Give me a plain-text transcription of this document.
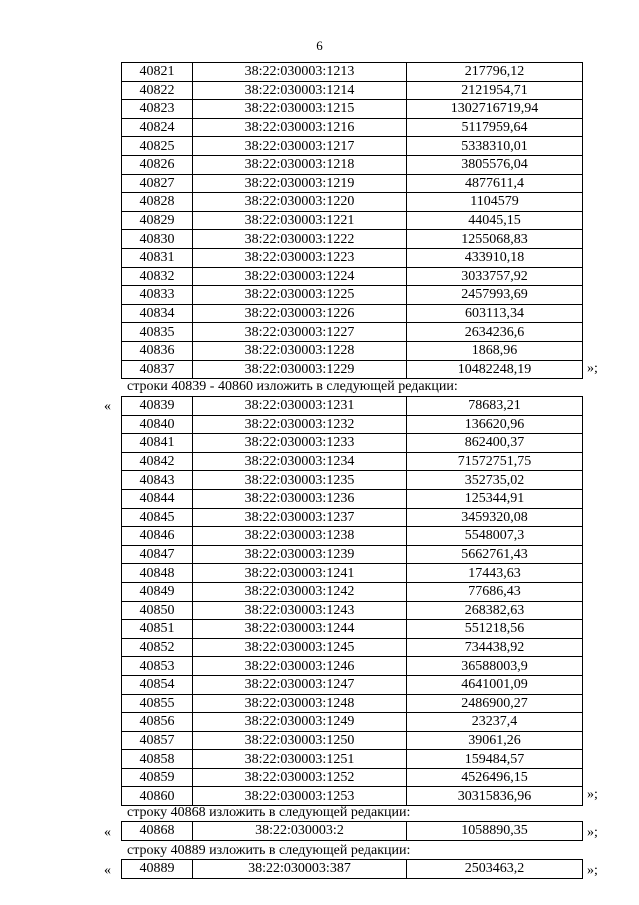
6
40821	38:22:030003:1213	217796,12
40822	38:22:030003:1214	2121954,71
40823	38:22:030003:1215	1302716719,94
40824	38:22:030003:1216	5117959,64
40825	38:22:030003:1217	5338310,01
40826	38:22:030003:1218	3805576,04
40827	38:22:030003:1219	4877611,4
40828	38:22:030003:1220	1104579
40829	38:22:030003:1221	44045,15
40830	38:22:030003:1222	1255068,83
40831	38:22:030003:1223	433910,18
40832	38:22:030003:1224	3033757,92
40833	38:22:030003:1225	2457993,69
40834	38:22:030003:1226	603113,34
40835	38:22:030003:1227	2634236,6
40836	38:22:030003:1228	1868,96
40837	38:22:030003:1229	10482248,19	»;
строки 40839 - 40860 изложить в следующей редакции:
« 40839	38:22:030003:1231	78683,21
40840	38:22:030003:1232	136620,96
40841	38:22:030003:1233	862400,37
40842	38:22:030003:1234	71572751,75
40843	38:22:030003:1235	352735,02
40844	38:22:030003:1236	125344,91
40845	38:22:030003:1237	3459320,08
40846	38:22:030003:1238	5548007,3
40847	38:22:030003:1239	5662761,43
40848	38:22:030003:1241	17443,63
40849	38:22:030003:1242	77686,43
40850	38:22:030003:1243	268382,63
40851	38:22:030003:1244	551218,56
40852	38:22:030003:1245	734438,92
40853	38:22:030003:1246	36588003,9
40854	38:22:030003:1247	4641001,09
40855	38:22:030003:1248	2486900,27
40856	38:22:030003:1249	23237,4
40857	38:22:030003:1250	39061,26
40858	38:22:030003:1251	159484,57
40859	38:22:030003:1252	4526496,15
40860	38:22:030003:1253	30315836,96	»;
строку 40868 изложить в следующей редакции:
« 40868	38:22:030003:2	1058890,35	»;
строку 40889 изложить в следующей редакции:
« 40889	38:22:030003:387	2503463,2	»;
